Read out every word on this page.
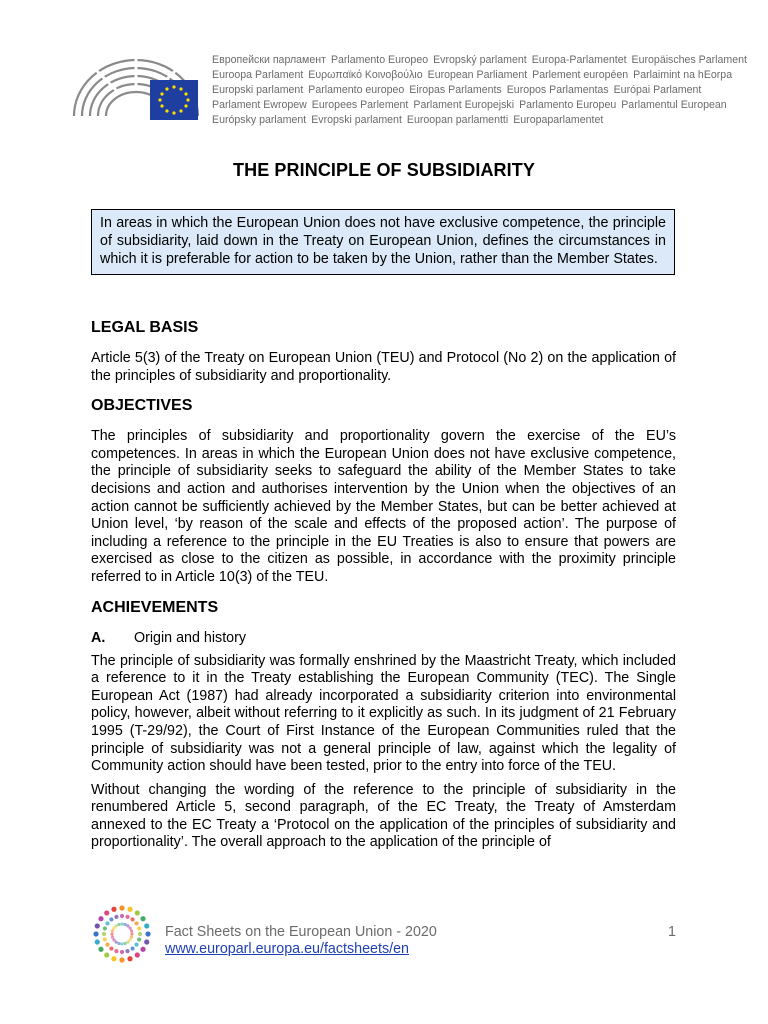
Европейски парламент Parlamento Europeo Evropský parlament Europa-Parlamentet Europäisches Parlament
Euroopa Parlament Ευρωπαϊκό Κοινοβούλιο European Parliament Parlement européen Parlaimint na hEorpa
Europski parlament Parlamento europeo Eiropas Parlaments Europos Parlamentas Európai Parlament
Parlament Ewropew Europees Parlement Parlament Europejski Parlamento Europeu Parlamentul European
Európsky parlament Evropski parlament Euroopan parlamentti Europaparlamentet
THE PRINCIPLE OF SUBSIDIARITY
In areas in which the European Union does not have exclusive competence, the principle of subsidiarity, laid down in the Treaty on European Union, defines the circumstances in which it is preferable for action to be taken by the Union, rather than the Member States.
LEGAL BASIS

Article 5(3) of the Treaty on European Union (TEU) and Protocol (No 2) on the application of the principles of subsidiarity and proportionality.

OBJECTIVES

The principles of subsidiarity and proportionality govern the exercise of the EU’s competences. In areas in which the European Union does not have exclusive competence, the principle of subsidiarity seeks to safeguard the ability of the Member States to take decisions and action and authorises intervention by the Union when the objectives of an action cannot be sufficiently achieved by the Member States, but can be better achieved at Union level, ‘by reason of the scale and effects of the proposed action’. The purpose of including a reference to the principle in the EU Treaties is also to ensure that powers are exercised as close to the citizen as possible, in accordance with the proximity principle referred to in Article 10(3) of the TEU.

ACHIEVEMENTS
A.	Origin and history

The principle of subsidiarity was formally enshrined by the Maastricht Treaty, which included a reference to it in the Treaty establishing the European Community (TEC). The Single European Act (1987) had already incorporated a subsidiarity criterion into environmental policy, however, albeit without referring to it explicitly as such. In its judgment of 21 February 1995 (T-29/92), the Court of First Instance of the European Communities ruled that the principle of subsidiarity was not a general principle of law, against which the legality of Community action should have been tested, prior to the entry into force of the TEU.

Without changing the wording of the reference to the principle of subsidiarity in the renumbered Article 5, second paragraph, of the EC Treaty, the Treaty of Amsterdam annexed to the EC Treaty a ‘Protocol on the application of the principles of subsidiarity and proportionality’. The overall approach to the application of the principle of

Fact Sheets on the European Union - 2020
www.europarl.europa.eu/factsheets/en
1
